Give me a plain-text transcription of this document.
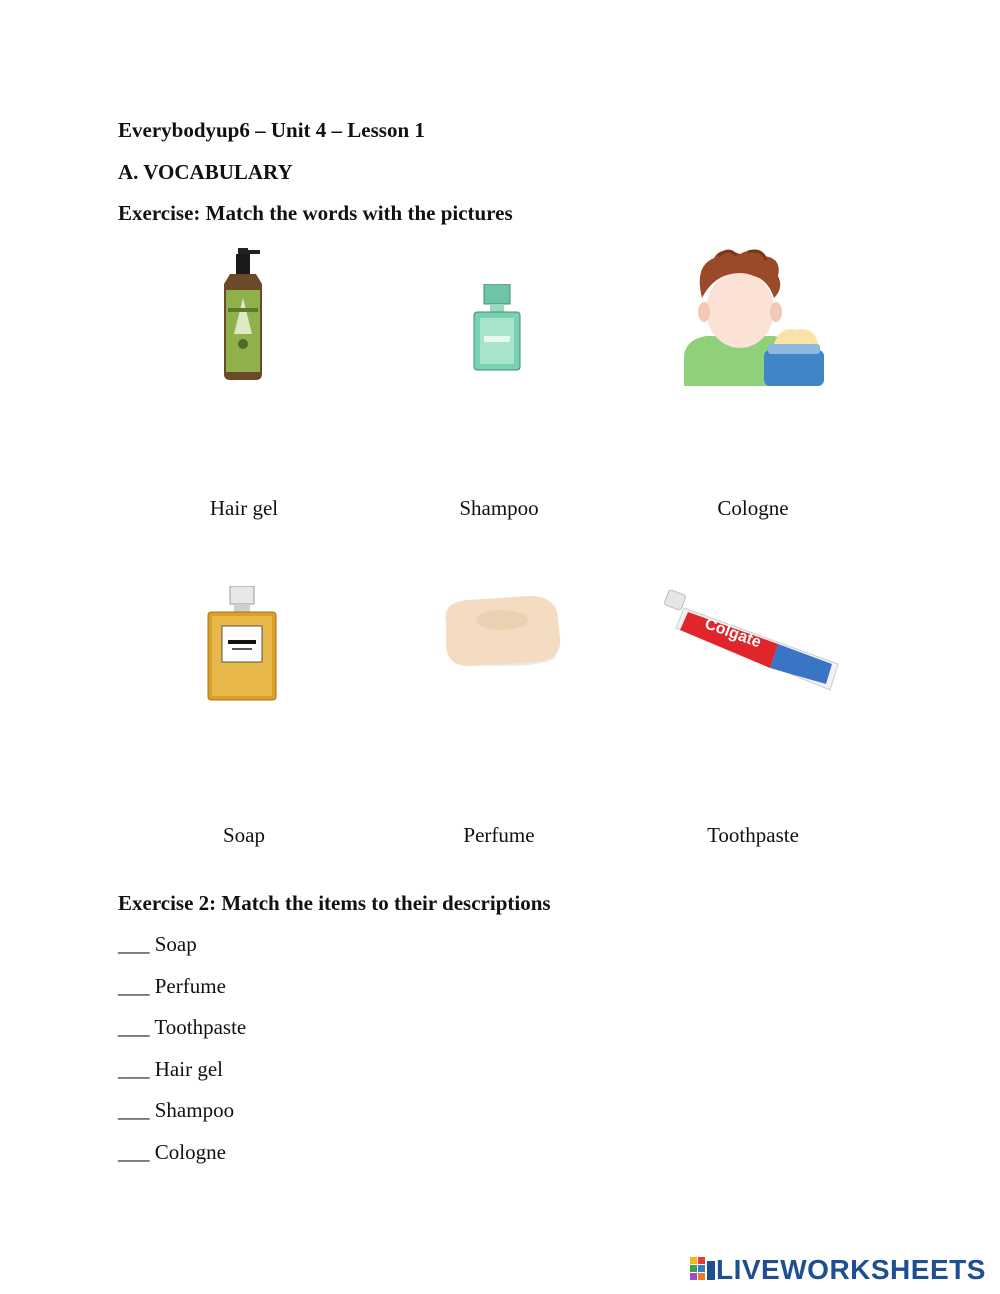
Everybodyup6 – Unit 4 – Lesson 1
A. VOCABULARY
Exercise: Match the words with the pictures
Hair gel	Shampoo	Cologne
Colgate
Soap	Perfume	Toothpaste
Exercise 2: Match the items to their descriptions
___ Soap
___ Perfume
___ Toothpaste
___ Hair gel
___ Shampoo
___ Cologne
LIVEWORKSHEETS
